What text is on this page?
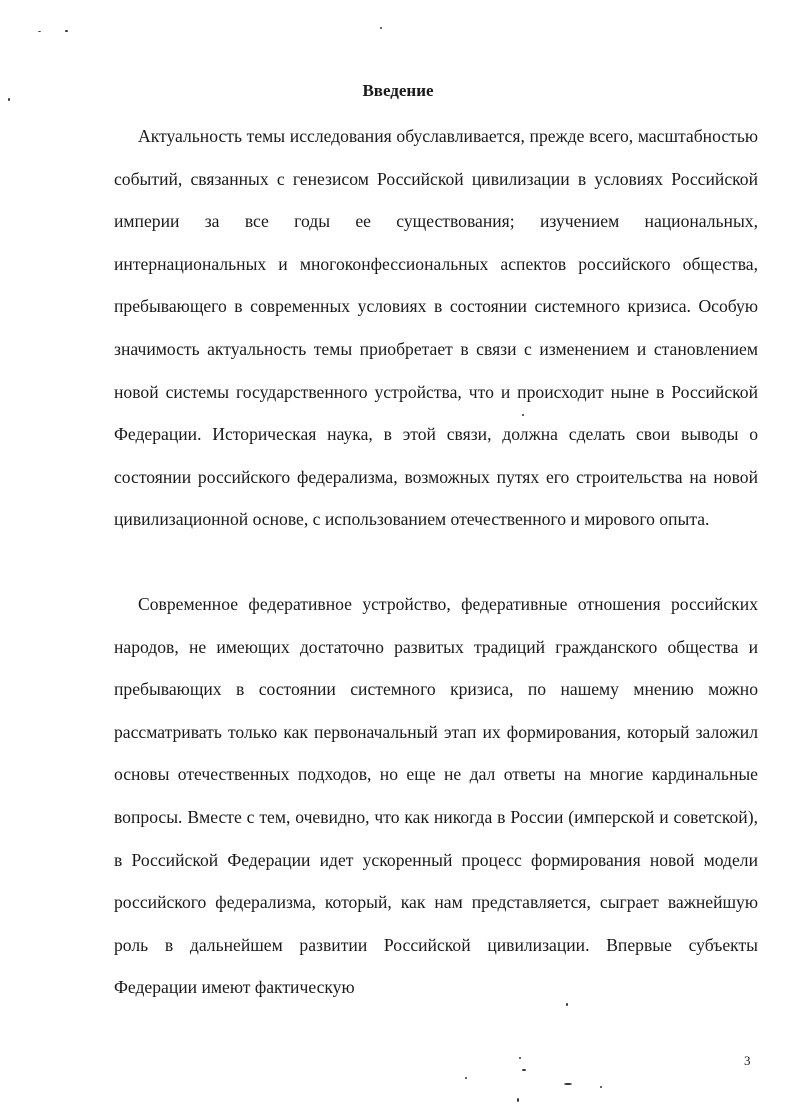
Введение

Актуальность темы исследования обуславливается, прежде всего, масштабностью событий, связанных с генезисом Российской цивилизации в условиях Российской империи за все годы ее существования; изучением национальных, интернациональных и многоконфессиональных аспектов российского общества, пребывающего в современных условиях в состоянии системного кризиса. Особую значимость актуальность темы приобретает в связи с изменением и становлением новой системы государственного устройства, что и происходит ныне в Российской Федерации. Историческая наука, в этой связи, должна сделать свои выводы о состоянии российского федерализма, возможных путях его строительства на новой цивилизационной основе, с использованием отечественного и мирового опыта.

Современное федеративное устройство, федеративные отношения российских народов, не имеющих достаточно развитых традиций гражданского общества и пребывающих в состоянии системного кризиса, по нашему мнению можно рассматривать только как первоначальный этап их формирования, который заложил основы отечественных подходов, но еще не дал ответы на многие кардинальные вопросы. Вместе с тем, очевидно, что как никогда в России (имперской и советской), в Российской Федерации идет ускоренный процесс формирования новой модели российского федерализма, который, как нам представляется, сыграет важнейшую роль в дальнейшем развитии Российской цивилизации. Впервые субъекты Федерации имеют фактическую

3
